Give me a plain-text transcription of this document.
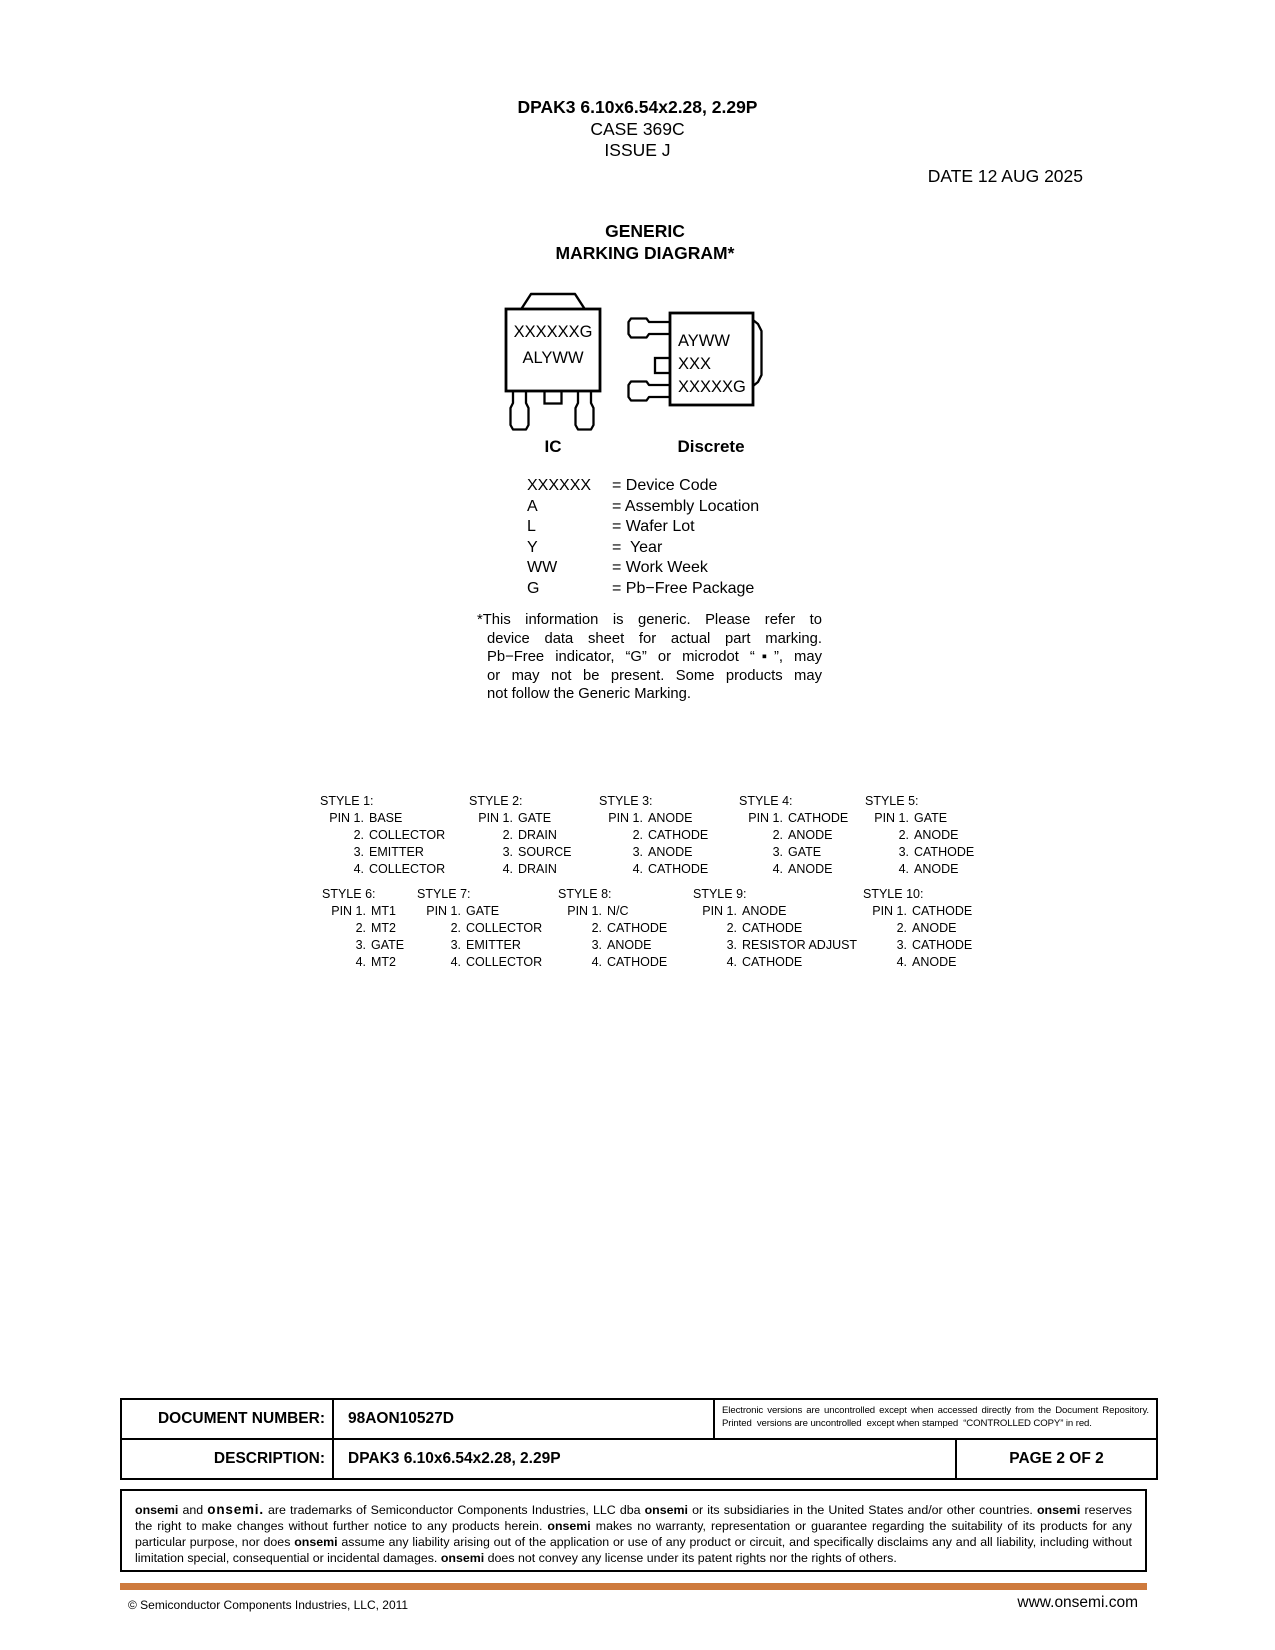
DPAK3 6.10x6.54x2.28, 2.29P
CASE 369C
ISSUE J
DATE 12 AUG 2025
GENERIC
MARKING DIAGRAM*
XXXXXXG
ALYWW
AYWW
XXX
XXXXXG
IC	Discrete
XXXXXX	= Device Code
A	= Assembly Location
L	= Wafer Lot
Y	=  Year
WW	= Work Week
G	= Pb−Free Package
*This information is generic. Please refer to
device data sheet for actual part marking.
Pb−Free indicator, “G” or microdot “▪”, may
or may not be present. Some products may
not follow the Generic Marking.
STYLE 1:
PIN 1. BASE
2. COLLECTOR
3. EMITTER
4. COLLECTOR
STYLE 2:
PIN 1. GATE
2. DRAIN
3. SOURCE
4. DRAIN
STYLE 3:
PIN 1. ANODE
2. CATHODE
3. ANODE
4. CATHODE
STYLE 4:
PIN 1. CATHODE
2. ANODE
3. GATE
4. ANODE
STYLE 5:
PIN 1. GATE
2. ANODE
3. CATHODE
4. ANODE
STYLE 6:
PIN 1. MT1
2. MT2
3. GATE
4. MT2
STYLE 7:
PIN 1. GATE
2. COLLECTOR
3. EMITTER
4. COLLECTOR
STYLE 8:
PIN 1. N/C
2. CATHODE
3. ANODE
4. CATHODE
STYLE 9:
PIN 1. ANODE
2. CATHODE
3. RESISTOR ADJUST
4. CATHODE
STYLE 10:
PIN 1. CATHODE
2. ANODE
3. CATHODE
4. ANODE
DOCUMENT NUMBER:	98AON10527D	Electronic versions are uncontrolled except when accessed directly from the Document Repository.
Printed  versions are uncontrolled  except when stamped  “CONTROLLED COPY” in red.
DESCRIPTION:	DPAK3 6.10x6.54x2.28, 2.29P	PAGE 2 OF 2
onsemi and onsemi. are trademarks of Semiconductor Components Industries, LLC dba onsemi or its subsidiaries in the United States and/or other countries. onsemi reserves the right to make changes without further notice to any products herein. onsemi makes no warranty, representation or guarantee regarding the suitability of its products for any particular purpose, nor does onsemi assume any liability arising out of the application or use of any product or circuit, and specifically disclaims any and all liability, including without limitation special, consequential or incidental damages. onsemi does not convey any license under its patent rights nor the rights of others.
© Semiconductor Components Industries, LLC, 2011	www.onsemi.com
